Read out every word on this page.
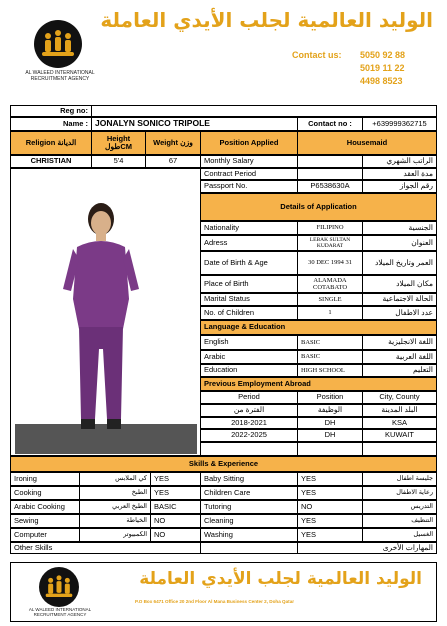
AL WALEED INTERNATIONAL
RECRUITMENT AGENCY
الوليد العالمية لجلب الأيدي العاملة
Contact us: 5050 92 88
5019 11 22
4498 8523
Reg no:
Name : JONALYN SONICO TRIPOLE	Contact no :	+639999362715
Religion الديانة	Height طولCM	Weight وزن	Position Applied	Housemaid
CHRISTIAN	5'4	67	Monthly Salary	الراتب الشهري
Contract Period	مدة العقد
Passport No.	P6538630A	رقم الجواز
Details of Application
Nationality	FILIPINO	الجنسية
Adress	LEBAK SULTAN KUDARAT	العنوان
Date of Birth & Age	30 DEC 1994 31	العمر وتاريخ الميلاد
Place of Birth	ALAMADA COTABATO	مكان الميلاد
Marital Status	SINGLE	الحالة الاجتماعية
No. of Children	1	عدد الاطفال
Language & Education
English	BASIC	اللغة الانجليزية
Arabic	BASIC	اللغة العربية
Education	HIGH SCHOOL	التعليم
Previous Employment Abroad
Period	Position	City, County
الفترة من	الوظيفة	البلد المدينة
2018-2021	DH	KSA
2022-2025	DH	KUWAIT
Skills & Experience
Ironing	كي الملابس YES	Baby Sitting	YES	جليسة اطفال
Cooking	الطبخ YES	Children Care	YES	رعاية الاطفال
Arabic Cooking	الطبخ العربي BASIC	Tutoring	NO	التدريس
Sewing	الخياطة NO	Cleaning	YES	التنظيف
Computer	الكمبيوتر NO	Washing	YES	الغسيل
Other Skills	المهارات الأخرى
AL WALEED INTERNATIONAL
RECRUITMENT AGENCY
الوليد العالمية لجلب الأيدي العاملة
P.O Box 6471 Office 20 2nd Floor Al Mana Business Center 2, Doha Qatar
